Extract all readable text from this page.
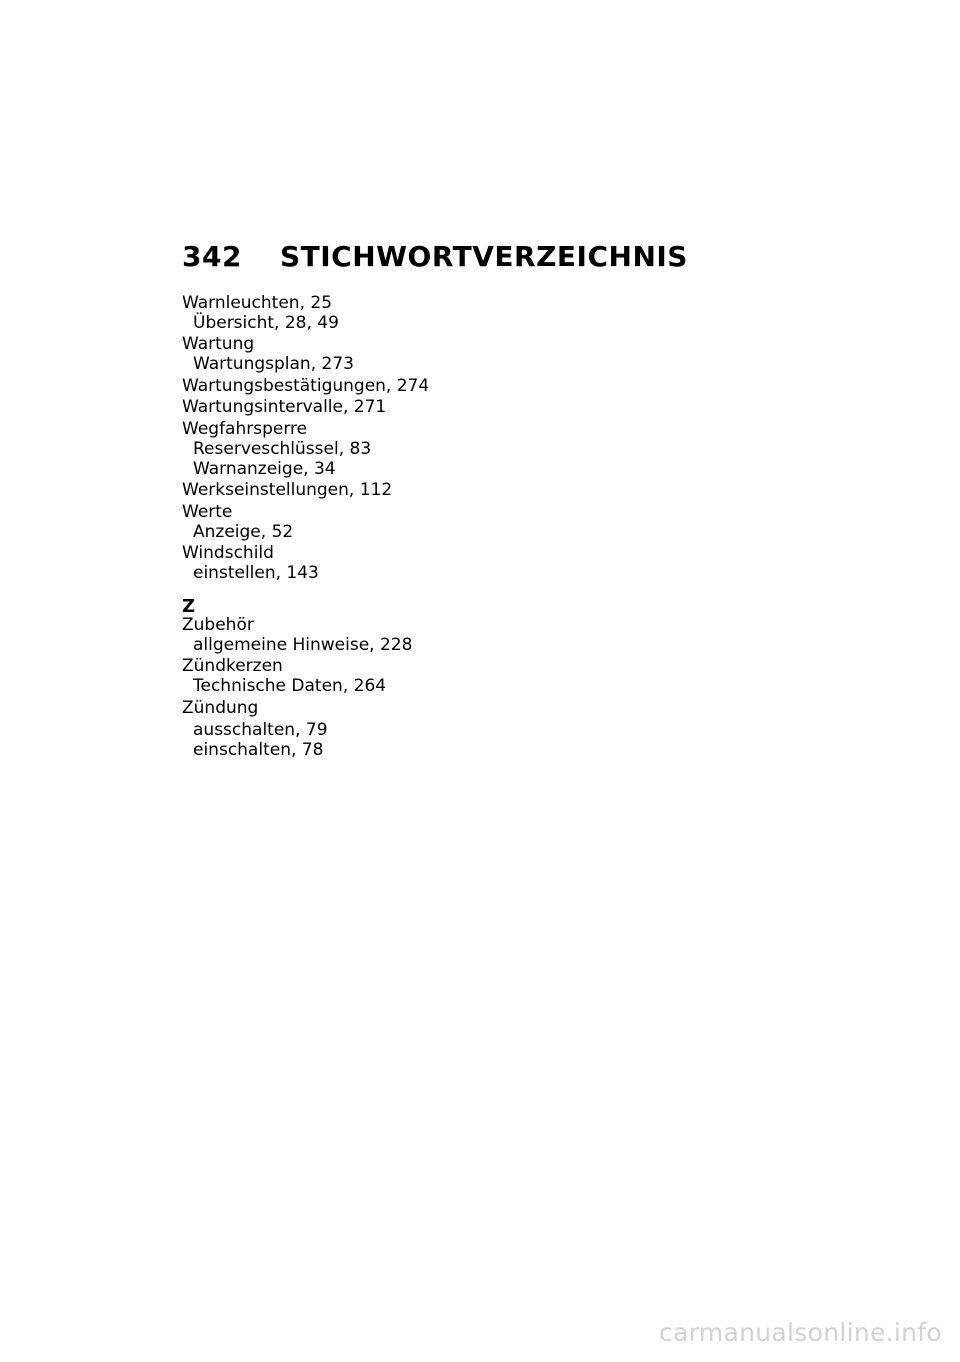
342	STICHWORTVERZEICHNIS
Warnleuchten, 25
Übersicht, 28, 49
Wartung
Wartungsplan, 273
Wartungsbestätigungen, 274
Wartungsintervalle, 271
Wegfahrsperre
Reserveschlüssel, 83
Warnanzeige, 34
Werkseinstellungen, 112
Werte
Anzeige, 52
Windschild
einstellen, 143
Z
Zubehör
allgemeine Hinweise, 228
Zündkerzen
Technische Daten, 264
Zündung
ausschalten, 79
einschalten, 78
carmanualsonline.info
